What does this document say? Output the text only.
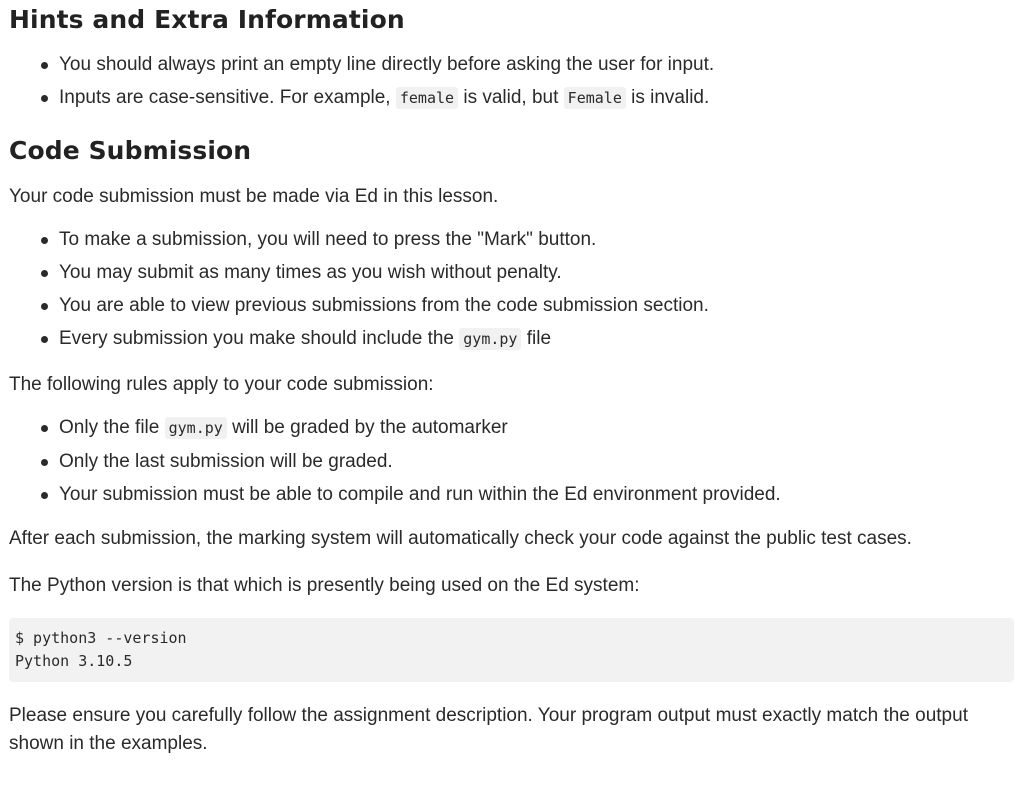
Hints and Extra Information
You should always print an empty line directly before asking the user for input.
Inputs are case-sensitive. For example, female is valid, but Female is invalid.
Code Submission

Your code submission must be made via Ed in this lesson.

To make a submission, you will need to press the "Mark" button.
You may submit as many times as you wish without penalty.
You are able to view previous submissions from the code submission section.
Every submission you make should include the gym.py file

The following rules apply to your code submission:

Only the file gym.py will be graded by the automarker
Only the last submission will be graded.
Your submission must be able to compile and run within the Ed environment provided.

After each submission, the marking system will automatically check your code against the public test cases.

The Python version is that which is presently being used on the Ed system:

$ python3 --version
Python 3.10.5

Please ensure you carefully follow the assignment description. Your program output must exactly match the output shown in the examples.
